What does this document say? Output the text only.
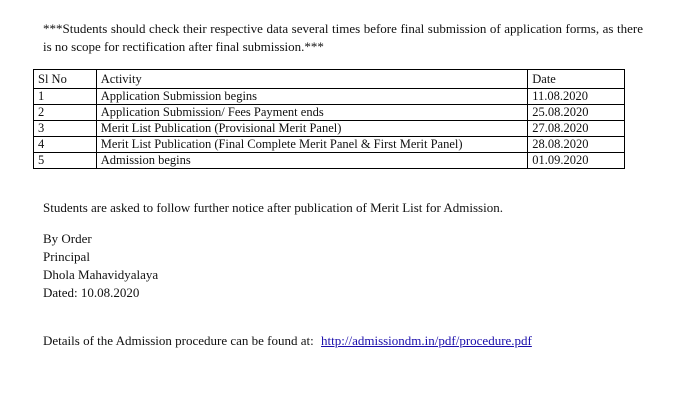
***Students should check their respective data several times before final submission of application forms, as there is no scope for rectification after final submission.***
Sl No	Activity	Date
1	Application Submission begins	11.08.2020
2	Application Submission/ Fees Payment ends	25.08.2020
3	Merit List Publication (Provisional Merit Panel)	27.08.2020
4	Merit List Publication (Final Complete Merit Panel & First Merit Panel)	28.08.2020
5	Admission begins	01.09.2020
Students are asked to follow further notice after publication of Merit List for Admission.
By Order
Principal
Dhola Mahavidyalaya
Dated: 10.08.2020
Details of the Admission procedure can be found at: http://admissiondm.in/pdf/procedure.pdf
